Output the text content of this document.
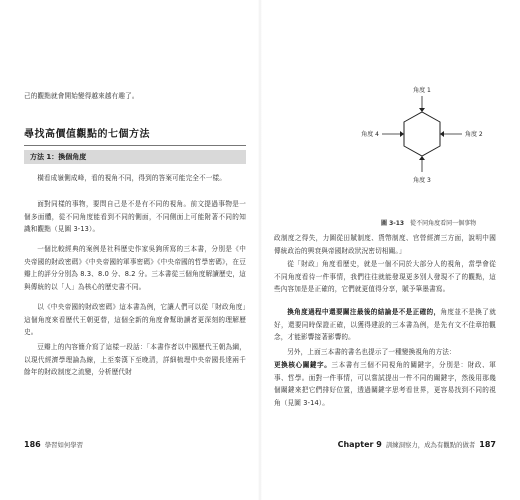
己的觀點就會開始變得越來越有趣了。
尋找高價值觀點的七個方法
方法 1：換個角度
橫看成嶺側成峰，看的視角不同，得到的答案可能完全不一樣。
面對同樣的事物，要問自己是不是有不同的視角。前文提過事物是一個多面體，從不同角度能看到不同的側面，不同側面上可能附著不同的知識和觀點（見圖 3-13）。
一個比較經典的案例是社科歷史作家吳鉤所寫的三本書，分別是《中央帝國的財政密碼》《中央帝國的軍事密碼》《中央帝國的哲學密碼》，在豆瓣上的評分分別為 8.3、8.0 分、8.2 分。三本書從三個角度解讀歷史，這與傳統的以「人」為核心的歷史書不同。
以《中央帝國的財政密碼》這本書為例，它讓人們可以從「財政角度」這個角度來看歷代王朝更替，這個全新的角度會幫助讀者更深刻的理解歷史。
豆瓣上的內容簡介寫了這樣一段話：「本書作者以中國歷代王朝為綱，以現代經濟學理論為線，上至秦漢下至晚清，詳細梳理中央帝國長達兩千餘年的財政制度之流變，分析歷代財
186 學習如何學習
角度 1
角度 4	角度 2
角度 3
圖 3-13 從不同角度看同一個事物
政制度之得失，力圖從田賦制度、貨幣制度、官營經濟三方面，說明中國傳統政治的興衰與帝國財政狀況密切相關。」
從「財政」角度看歷史，就是一個不同於大部分人的視角，當學會從不同角度看待一件事情，我們往往就能發現更多別人發現不了的觀點，這些內容加是是正確的，它們就更值得分享，賦予筆墨書寫。
換角度過程中還要關注最後的結論是不是正確的，角度並不是換了就好，還要同時保證正確，以獲得建設的三本書為例，是先有文不佳章拍觀念，才能影響接著影響的。
另外，上面三本書的書名也提示了一種變換視角的方法：
更換核心關鍵字。三本書有三個不同視角的關鍵字，分別是：財政、軍事、哲學。面對一件事情，可以嘗試提出一件不同的關鍵字，然後用那幾個關鍵來把它們排好位置，透過關鍵字思考看世界，更容易找到不同的視角（見圖 3-14）。
Chapter 9 訓練洞察力，成為有觀點的做者 187
